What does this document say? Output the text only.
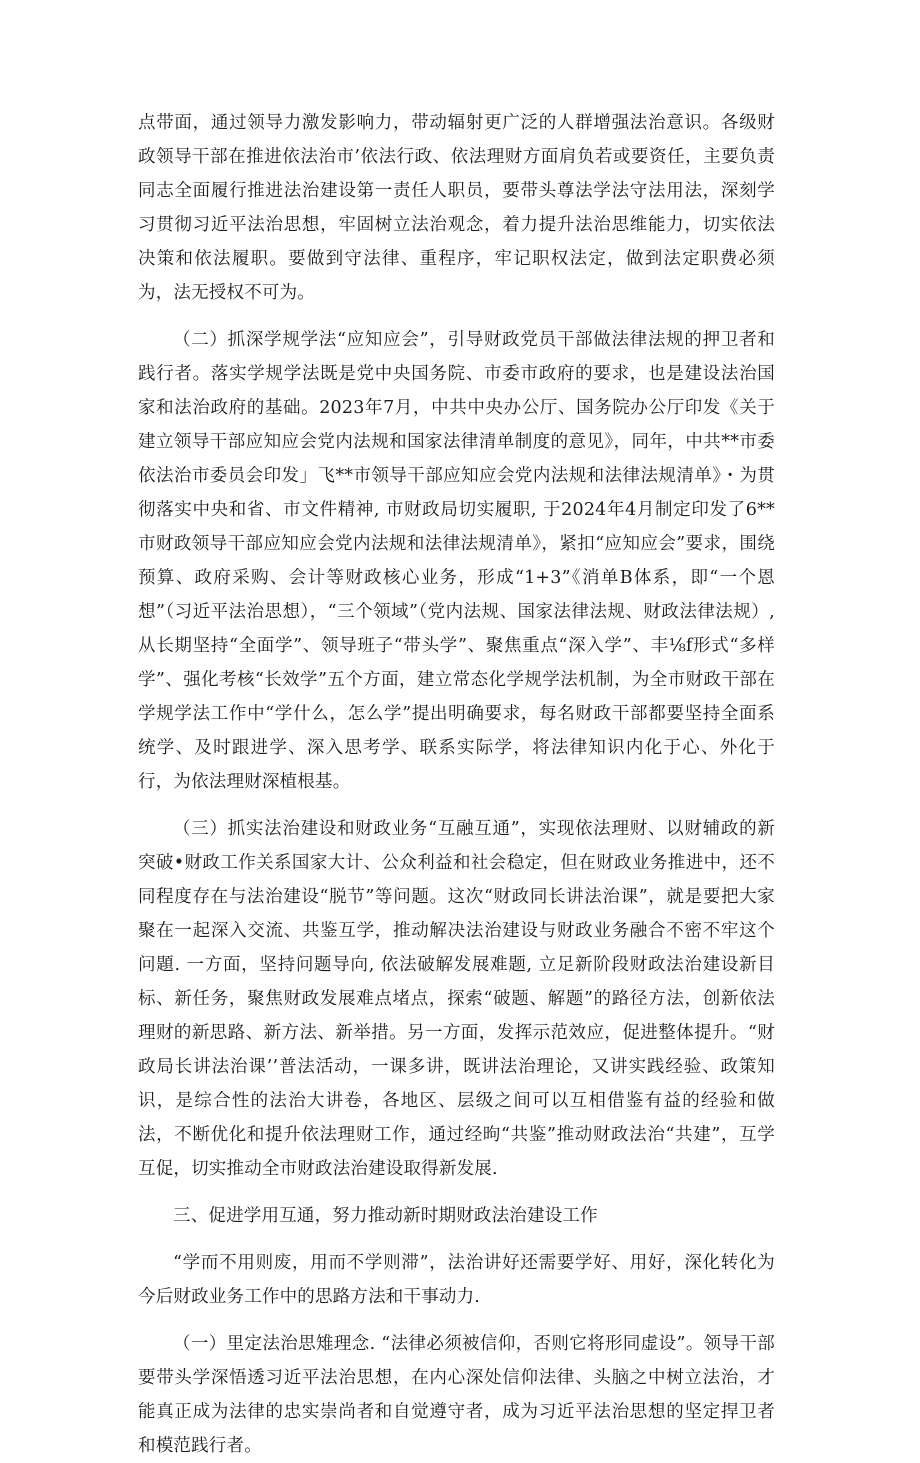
点带面，通过领导力激发影响力，带动辐射更广泛的人群增强法治意识。各级财政领导干部在推进依法治市’依法行政、依法理财方面肩负若或要资任，主要负责同志全面履行推进法治建设第一责任人职员，要带头尊法学法守法用法，深刻学习贯彻习近平法治思想，牢固树立法治观念，着力提升法治思维能力，切实依法决策和依法履职。要做到守法律、重程序，牢记职权法定，做到法定职费必须为，法无授权不可为。

（二）抓深学规学法“应知应会”，引导财政党员干部做法律法规的押卫者和践行者。落实学规学法既是党中央国务院、市委市政府的要求，也是建设法治国家和法治政府的基础。2023年7月，中共中央办公厅、国务院办公厅印发《关于建立领导干部应知应会党内法规和国家法律清单制度的意见》，同年，中共**市委依法治市委员会印发」飞**市领导干部应知应会党内法规和法律法规清单》・为贯彻落实中央和省、市文件精神, 市财政局切实履职, 于2024年4月制定印发了6**市财政领导干部应知应会党内法规和法律法规清单》，紧扣“应知应会”要求，围绕预算、政府采购、会计等财政核心业务，形成“1+3”《消单B体系，即“一个恩想”（习近平法治思想），“三个领域”（党内法规、国家法律法规、财政法律法规）, 从长期坚持“全面学”、领导班子“带头学”、聚焦重点“深入学”、丰⅛f形式“多样学”、强化考核“长效学”五个方面，建立常态化学规学法机制，为全市财政干部在学规学法工作中“学什么，怎么学”提出明确要求，每名财政干部都要坚持全面系统学、及时跟进学、深入思考学、联系实际学，将法律知识内化于心、外化于行，为依法理财深植根基。

（三）抓实法治建设和财政业务“互融互通”，实现依法理财、以财辅政的新突破•财政工作关系国家大计、公众利益和社会稳定，但在财政业务推进中，还不同程度存在与法治建设“脱节”等问题。这次“财政同长讲法治课”，就是要把大家聚在一起深入交流、共鉴互学，推动解决法治建设与财政业务融合不密不牢这个问題. 一方面，坚持问题导向, 依法破解发展难题, 立足新阶段财政法治建设新目标、新任务，聚焦财政发展难点堵点，探索“破题、解题”的路径方法，创新依法理财的新思路、新方法、新举措。另一方面，发挥示范效应，促进整体提升。“财政局长讲法治课’’普法活动，一课多讲，既讲法治理论，又讲实践经验、政策知识，是综合性的法治大讲卷，各地区、层级之间可以互相借鉴有益的经验和做法，不断优化和提升依法理财工作，通过经昫“共鉴”推动财政法治“共建”，互学互促，切实推动全市财政法治建设取得新发展.

三、促进学用互通，努力推动新时期财政法治建设工作

“学而不用则废，用而不学则滞”，法治讲好还需要学好、用好，深化转化为今后财政业务工作中的思路方法和干事动力.

（一）里定法治思雉理念. “法律必须被信仰，否则它将形同虚设”。领导干部要带头学深悟透习近平法治思想，在内心深处信仰法律、头脑之中树立法治，才能真正成为法律的忠实崇尚者和自觉遵守者，成为习近平法治思想的坚定捍卫者和模范践行者。
